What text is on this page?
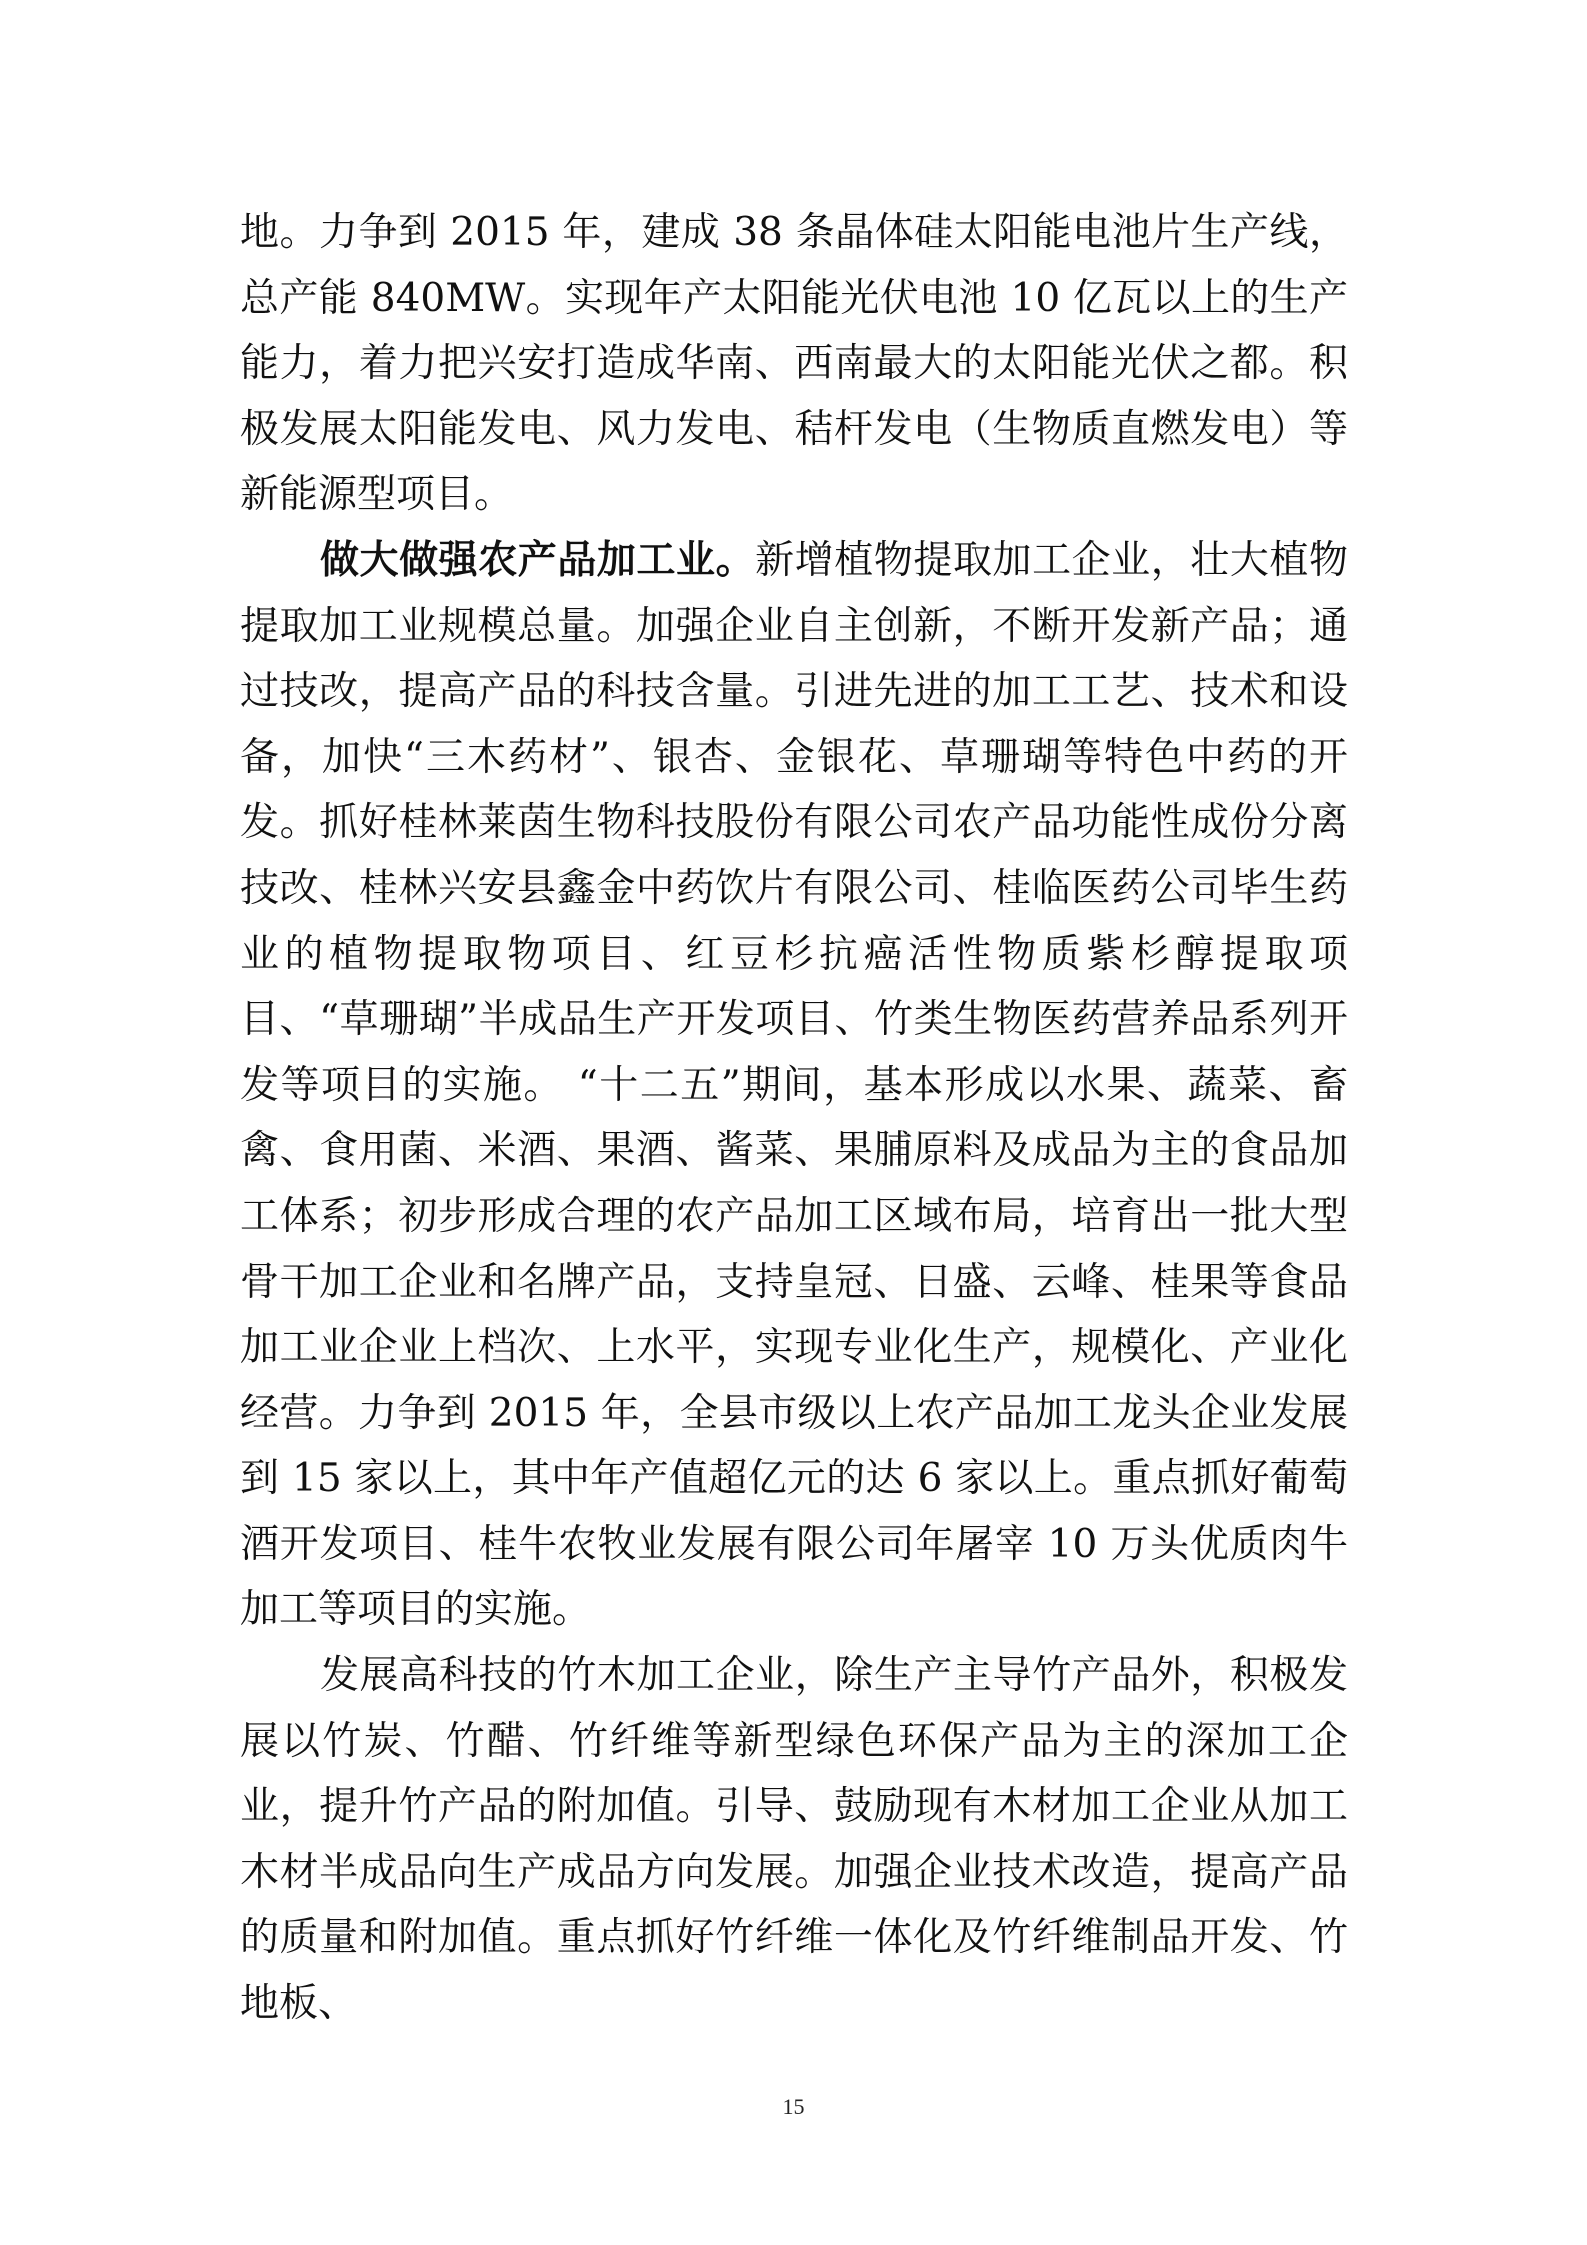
地。力争到 2015 年，建成 38 条晶体硅太阳能电池片生产线，总产能 840MW。实现年产太阳能光伏电池 10 亿瓦以上的生产能力，着力把兴安打造成华南、西南最大的太阳能光伏之都。积极发展太阳能发电、风力发电、秸杆发电（生物质直燃发电）等新能源型项目。

做大做强农产品加工业。新增植物提取加工企业，壮大植物提取加工业规模总量。加强企业自主创新，不断开发新产品；通过技改，提高产品的科技含量。引进先进的加工工艺、技术和设备，加快“三木药材”、银杏、金银花、草珊瑚等特色中药的开发。抓好桂林莱茵生物科技股份有限公司农产品功能性成份分离技改、桂林兴安县鑫金中药饮片有限公司、桂临医药公司毕生药业的植物提取物项目、红豆杉抗癌活性物质紫杉醇提取项目、“草珊瑚”半成品生产开发项目、竹类生物医药营养品系列开发等项目的实施。 “十二五”期间，基本形成以水果、蔬菜、畜禽、食用菌、米酒、果酒、酱菜、果脯原料及成品为主的食品加工体系；初步形成合理的农产品加工区域布局，培育出一批大型骨干加工企业和名牌产品，支持皇冠、日盛、云峰、桂果等食品加工业企业上档次、上水平，实现专业化生产，规模化、产业化经营。力争到 2015 年，全县市级以上农产品加工龙头企业发展到 15 家以上，其中年产值超亿元的达 6 家以上。重点抓好葡萄酒开发项目、桂牛农牧业发展有限公司年屠宰 10 万头优质肉牛加工等项目的实施。

发展高科技的竹木加工企业，除生产主导竹产品外，积极发展以竹炭、竹醋、竹纤维等新型绿色环保产品为主的深加工企业，提升竹产品的附加值。引导、鼓励现有木材加工企业从加工木材半成品向生产成品方向发展。加强企业技术改造，提高产品的质量和附加值。重点抓好竹纤维一体化及竹纤维制品开发、竹地板、

15
